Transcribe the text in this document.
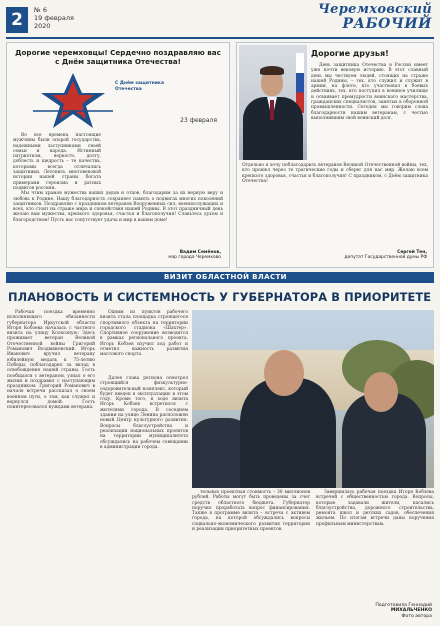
2	№ 6
19 февраля
2020
Черемховский
РАБОЧИЙ
Дорогие черемховцы! Сердечно поздравляю вас с Днём защитника Отечества!
С Днём защитника Отечества
23 февраля

Во все времена настоящие мужчины были опорой государства, надежными заступниками своей семьи и народа. Истинный патриотизм, верность долгу, доблесть и щедрость – те качества, которыми всегда отличались защитники. Летопись многовековой истории нашей страны богата примерами героизма и ратных подвигов россиян.

Мы чтим храмов мужества ваших дедов и отцов, благодарим за их верную веру и любовь к Родине. Нашу благодарность сохраняет память о подвигах многих поколений защитников. Поздравляю с праздником ветеранов Вооруженных сил, военнослужащих и всех, кто стоит на страже мира и спокойствия нашей Родины. В этот праздничный день желаю вам мужества, крепкого здоровья, счастья и благополучия! Славьтесь духом и благородством! Пусть вас сопутствует удача и мир в вашем доме!

Вадим Семёнов,
мэр города Черемхово
Дорогие друзья!

День защитника Отечества в России имеет уже почти вековую историю. В этот славный день мы чествуем людей, стоящих на страже нашей Родины, – тех, кто служил и служит в армии, на флоте, кто участвовал в боевых действиях, тех, кто поступил в военное училище и осваивает премудрости воинского мастерства, гражданских специалистов, занятых в оборонной промышленности. Сегодня мы говорим слова благодарности нашим ветеранам, с честью выполнившим свой воинский долг.

Отдельно я хочу поблагодарить ветеранов Великой Отечественной войны, тех, кто прошел через те трагические годы и сберег для нас мир. Желаю всем крепкого здоровья, счастья и благополучия! С праздником, с Днём защитника Отечества!

Сергей Тен,
депутат Государственной думы РФ
ВИЗИТ ОБЛАСТНОЙ ВЛАСТИ
ПЛАНОВОСТЬ И СИСТЕМНОСТЬ У ГУБЕРНАТОРА В ПРИОРИТЕТЕ

Рабочая поездка временно исполняющего обязанности губернатора Иркутской области Игоря Кобзева началась с частного визита на улицу Колхозную. Здесь проживает ветеран Великой Отечественной войны Григорий Романович Воздвиженский. Игорь Иванович вручил ветерану юбилейную медаль к 75-летию Победы, поблагодарил за вклад в освобождение нашей страны. Гость пообщался с ветераном, узнал о его жизни и поздравил с наступающим праздником. Григорий Романович в начале встречи рассказал о своем военном пути, о том, как служил и вернулся домой. Гость поинтересовался нуждами ветерана.

Одним из пунктов рабочего визита стала площадка строящегося спортивного объекта на территории городского стадиона «Шахтер». Спортивное сооружение возводится в рамках регионального проекта. Игорь Кобзев изучил ход работ и отметил важность развития массового спорта.

Далее глава региона осмотрел строящийся физкультурно-оздоровительный комплекс, который будет введен в эксплуатацию в этом году. Кроме того, в ходе визита Игорь Кобзев встретился с жителями города. В соседнем здании на улице Ленина расположен новый Центр культурного развития. Вопросы благоустройства и реализации национальных проектов на территории муниципалитета обсуждались на рабочем совещании в администрации города.

тельных проектная стоимость – 30 миллионов рублей. Работы могут быть проведены за счет средств областного бюджета. Губернатор поручил проработать вопрос финансирования. Также в программе визита – встреча с активом города, на которой обсуждались вопросы социально-экономического развития территории и реализации приоритетных проектов.

Завершилась рабочая поездка Игоря Кобзева встречей с общественностью города. Вопросы, которые задавали жители, касались благоустройства, дорожного строительства, ремонта школ и детских садов, обеспечения жильем. По итогам встречи даны поручения профильным министерствам.

Подготовила Геннадий
МИХАЛЬЧЕНКО
Фото автора
